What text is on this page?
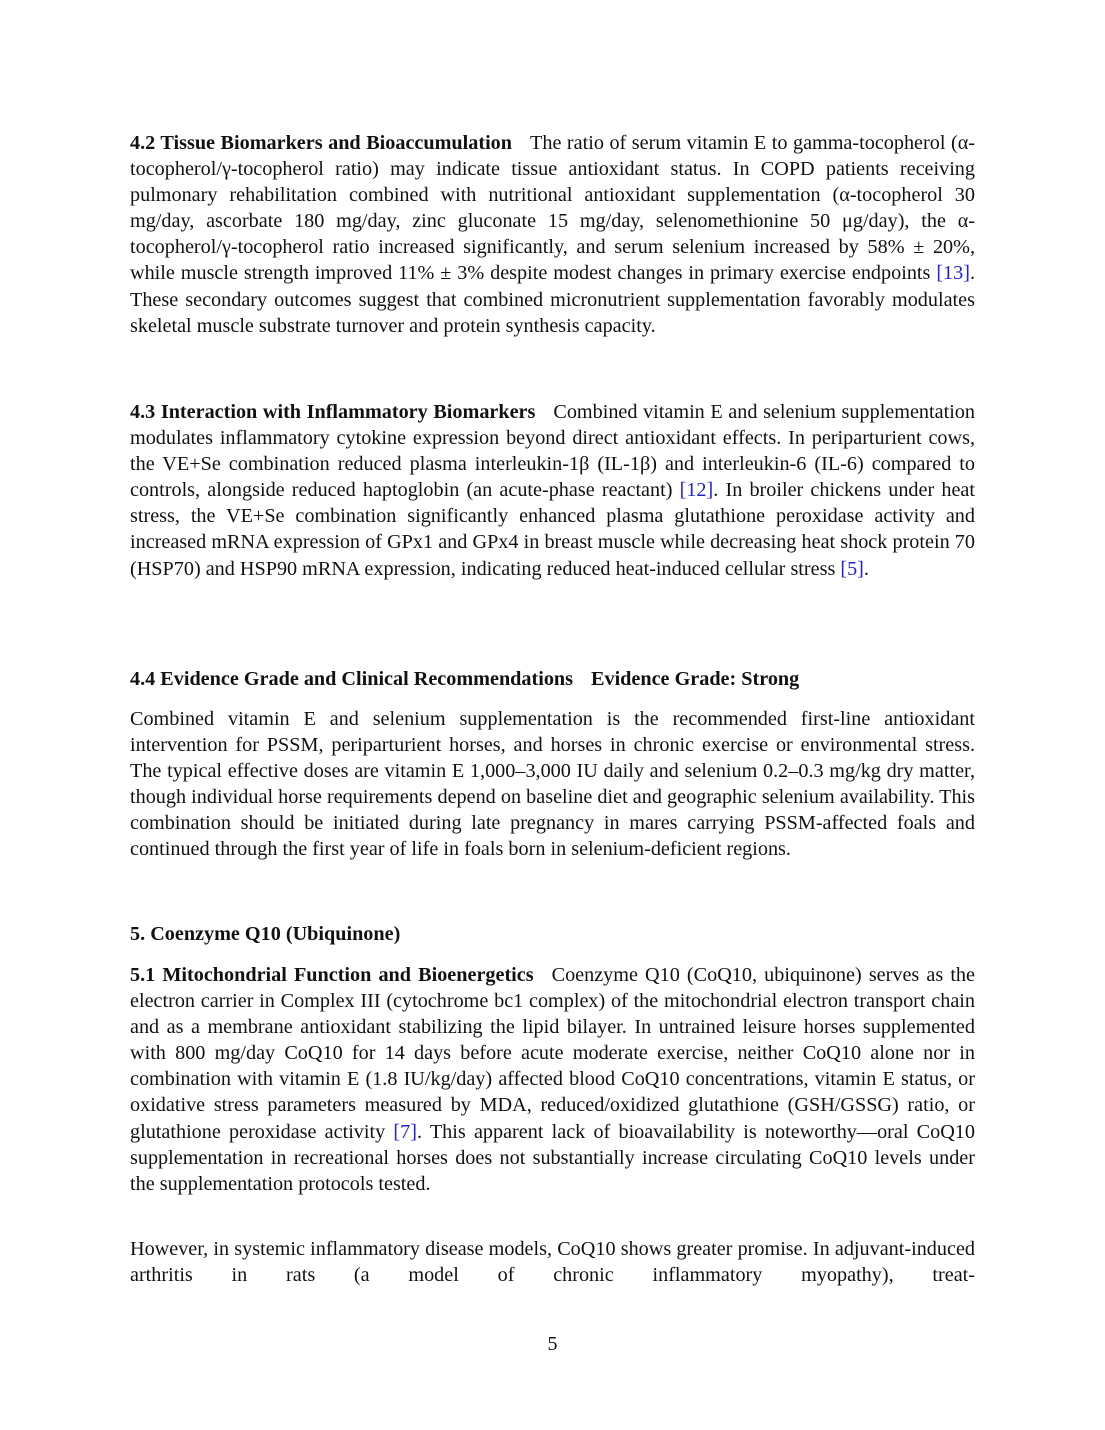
4.2 Tissue Biomarkers and Bioaccumulation The ratio of serum vitamin E to gamma-tocopherol (α-tocopherol/γ-tocopherol ratio) may indicate tissue antioxidant status. In COPD patients receiving pulmonary rehabilitation combined with nutritional antioxidant supplementation (α-tocopherol 30 mg/day, ascorbate 180 mg/day, zinc gluconate 15 mg/day, selenomethionine 50 μg/day), the α-tocopherol/γ-tocopherol ratio increased significantly, and serum selenium increased by 58% ± 20%, while muscle strength improved 11% ± 3% despite modest changes in primary exercise endpoints [13]. These secondary outcomes suggest that combined micronutrient supplementation favorably modulates skeletal muscle substrate turnover and protein synthesis capacity.

4.3 Interaction with Inflammatory Biomarkers Combined vitamin E and selenium supplementation modulates inflammatory cytokine expression beyond direct antioxidant effects. In periparturient cows, the VE+Se combination reduced plasma interleukin-1β (IL-1β) and interleukin-6 (IL-6) compared to controls, alongside reduced haptoglobin (an acute-phase reactant) [12]. In broiler chickens under heat stress, the VE+Se combination significantly enhanced plasma glutathione peroxidase activity and increased mRNA expression of GPx1 and GPx4 in breast muscle while decreasing heat shock protein 70 (HSP70) and HSP90 mRNA expression, indicating reduced heat-induced cellular stress [5].

4.4 Evidence Grade and Clinical Recommendations Evidence Grade: Strong

Combined vitamin E and selenium supplementation is the recommended first-line antioxidant intervention for PSSM, periparturient horses, and horses in chronic exercise or environmental stress. The typical effective doses are vitamin E 1,000–3,000 IU daily and selenium 0.2–0.3 mg/kg dry matter, though individual horse requirements depend on baseline diet and geographic selenium availability. This combination should be initiated during late pregnancy in mares carrying PSSM-affected foals and continued through the first year of life in foals born in selenium-deficient regions.

5. Coenzyme Q10 (Ubiquinone)

5.1 Mitochondrial Function and Bioenergetics Coenzyme Q10 (CoQ10, ubiquinone) serves as the electron carrier in Complex III (cytochrome bc1 complex) of the mitochondrial electron transport chain and as a membrane antioxidant stabilizing the lipid bilayer. In untrained leisure horses supplemented with 800 mg/day CoQ10 for 14 days before acute moderate exercise, neither CoQ10 alone nor in combination with vitamin E (1.8 IU/kg/day) affected blood CoQ10 concentrations, vitamin E status, or oxidative stress parameters measured by MDA, reduced/oxidized glutathione (GSH/GSSG) ratio, or glutathione peroxidase activity [7]. This apparent lack of bioavailability is noteworthy—oral CoQ10 supplementation in recreational horses does not substantially increase circulating CoQ10 levels under the supplementation protocols tested.

However, in systemic inflammatory disease models, CoQ10 shows greater promise. In adjuvant-induced arthritis in rats (a model of chronic inflammatory myopathy), treat-

5
